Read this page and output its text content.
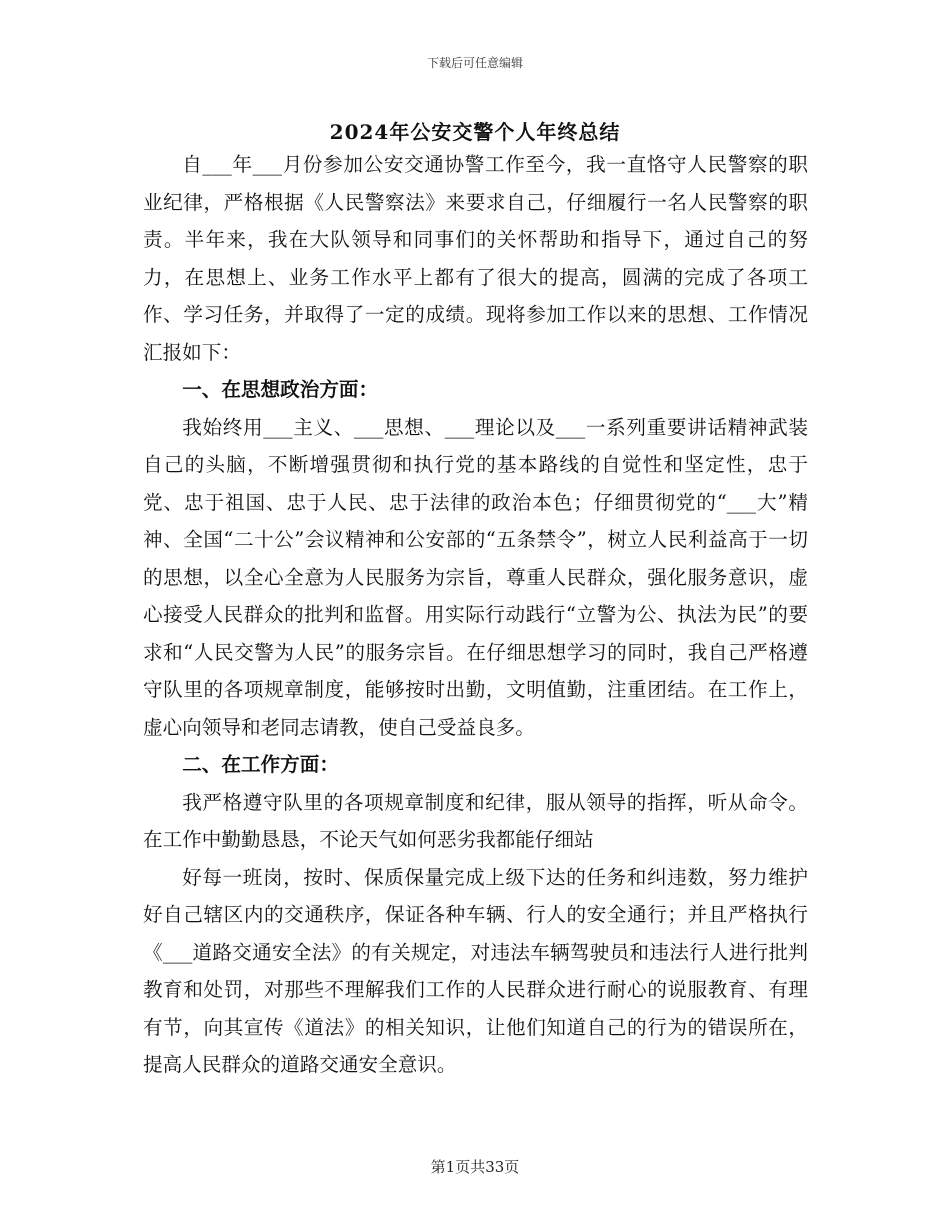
下载后可任意编辑
2024年公安交警个人年终总结

自___年___月份参加公安交通协警工作至今，我一直恪守人民警察的职业纪律，严格根据《人民警察法》来要求自己，仔细履行一名人民警察的职责。半年来，我在大队领导和同事们的关怀帮助和指导下，通过自己的努力，在思想上、业务工作水平上都有了很大的提高，圆满的完成了各项工作、学习任务，并取得了一定的成绩。现将参加工作以来的思想、工作情况汇报如下：

一、在思想政治方面：

我始终用___主义、___思想、___理论以及___一系列重要讲话精神武装自己的头脑，不断增强贯彻和执行党的基本路线的自觉性和坚定性，忠于党、忠于祖国、忠于人民、忠于法律的政治本色；仔细贯彻党的“___大”精神、全国“二十公”会议精神和公安部的“五条禁令”，树立人民利益高于一切的思想，以全心全意为人民服务为宗旨，尊重人民群众，强化服务意识，虚心接受人民群众的批判和监督。用实际行动践行“立警为公、执法为民”的要求和“人民交警为人民”的服务宗旨。在仔细思想学习的同时，我自己严格遵守队里的各项规章制度，能够按时出勤，文明值勤，注重团结。在工作上，虚心向领导和老同志请教，使自己受益良多。

二、在工作方面：

我严格遵守队里的各项规章制度和纪律，服从领导的指挥，听从命令。在工作中勤勤恳恳，不论天气如何恶劣我都能仔细站

好每一班岗，按时、保质保量完成上级下达的任务和纠违数，努力维护好自己辖区内的交通秩序，保证各种车辆、行人的安全通行；并且严格执行《___道路交通安全法》的有关规定，对违法车辆驾驶员和违法行人进行批判教育和处罚，对那些不理解我们工作的人民群众进行耐心的说服教育、有理有节，向其宣传《道法》的相关知识，让他们知道自己的行为的错误所在，提高人民群众的道路交通安全意识。

第1页共33页
